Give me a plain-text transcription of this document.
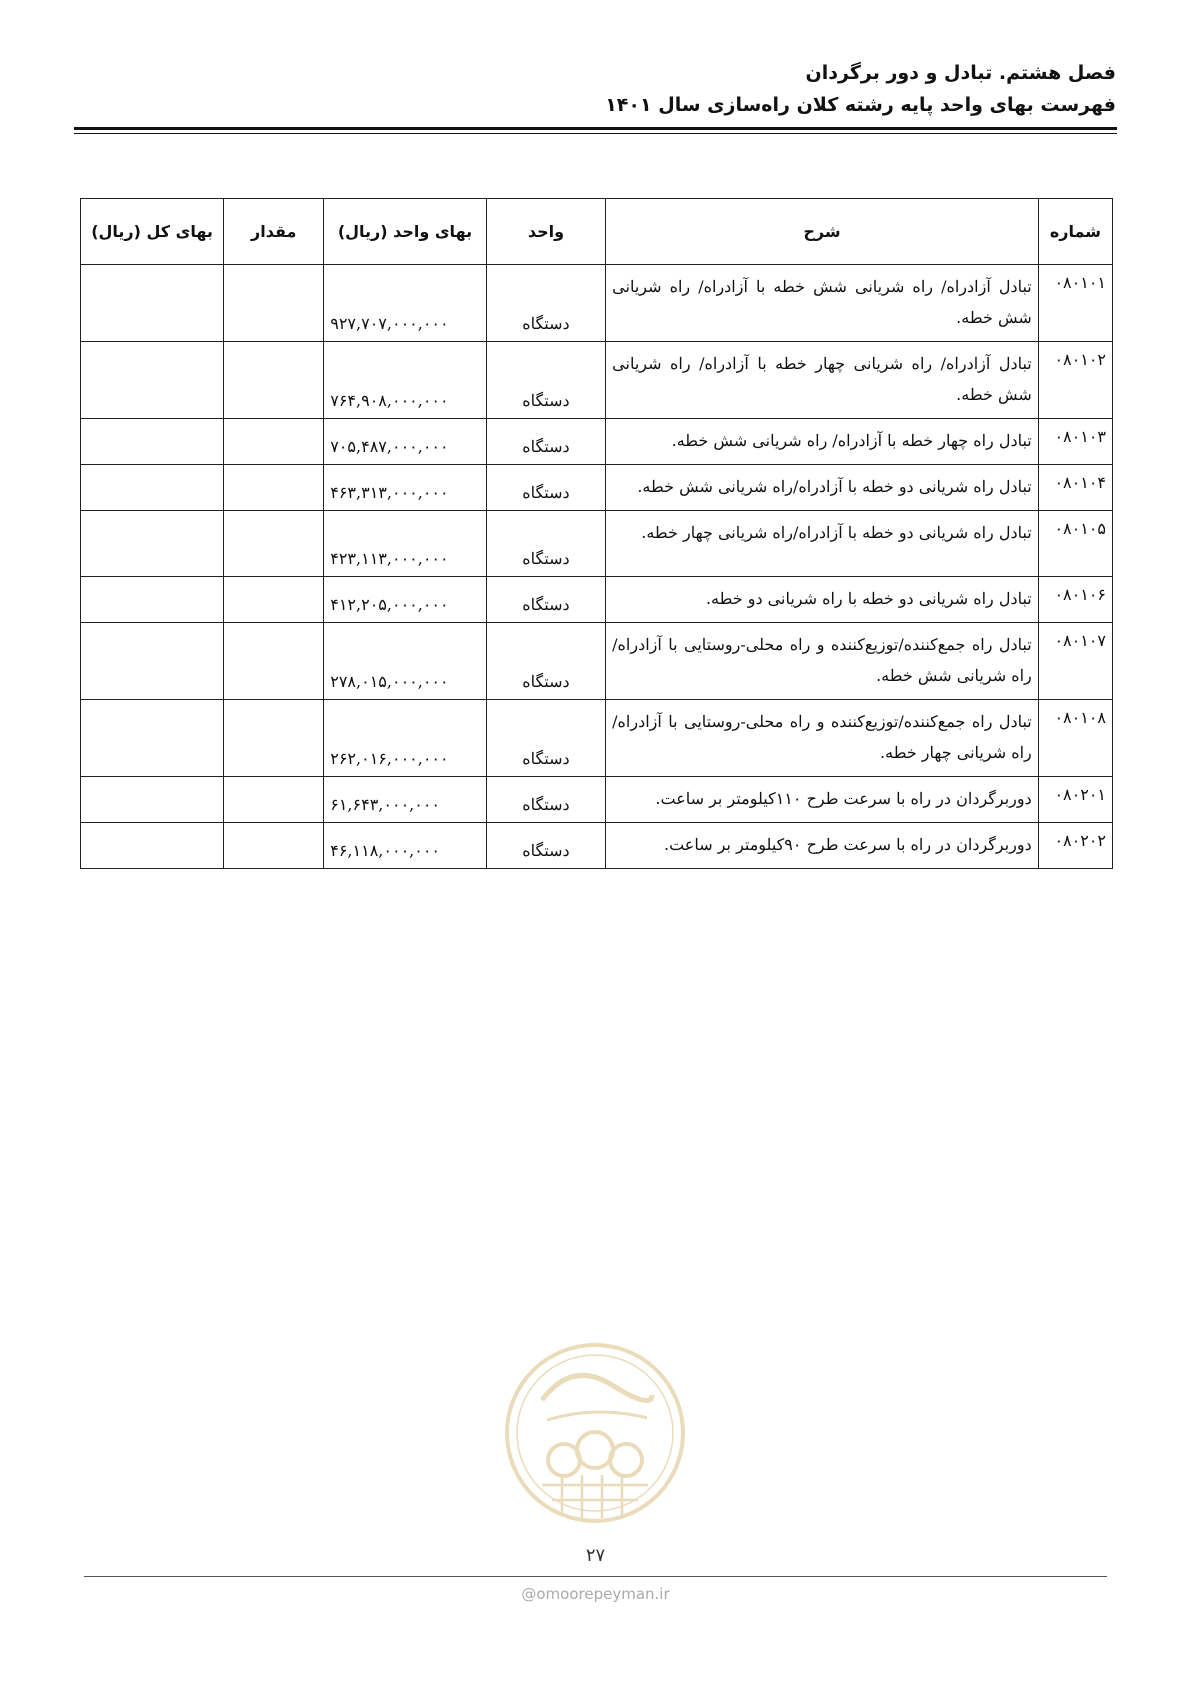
فصل هشتم. تبادل و دور برگردان
فهرست بهای واحد پایه رشته کلان راه‌سازی سال ۱۴۰۱
شماره	شرح	واحد	بهای واحد (ریال)	مقدار	بهای کل (ریال)
۰۸۰۱۰۱	تبادل آزادراه/ راه شریانی شش خطه با آزادراه/ راه شریانی شش خطه.	دستگاه	۹۲۷,۷۰۷,۰۰۰,۰۰۰		
۰۸۰۱۰۲	تبادل آزادراه/ راه شریانی چهار خطه با آزادراه/ راه شریانی شش خطه.	دستگاه	۷۶۴,۹۰۸,۰۰۰,۰۰۰		
۰۸۰۱۰۳	تبادل راه چهار خطه با آزادراه/ راه شریانی شش خطه.	دستگاه	۷۰۵,۴۸۷,۰۰۰,۰۰۰		
۰۸۰۱۰۴	تبادل راه شریانی دو خطه با آزادراه/راه شریانی شش خطه.	دستگاه	۴۶۳,۳۱۳,۰۰۰,۰۰۰		
۰۸۰۱۰۵	تبادل راه شریانی دو خطه با آزادراه/راه شریانی چهار خطه.	دستگاه	۴۲۳,۱۱۳,۰۰۰,۰۰۰		
۰۸۰۱۰۶	تبادل راه شریانی دو خطه با راه شریانی دو خطه.	دستگاه	۴۱۲,۲۰۵,۰۰۰,۰۰۰		
۰۸۰۱۰۷	تبادل راه جمع‌کننده/توزیع‌کننده و راه محلی-روستایی با آزادراه/ راه شریانی شش خطه.	دستگاه	۲۷۸,۰۱۵,۰۰۰,۰۰۰		
۰۸۰۱۰۸	تبادل راه جمع‌کننده/توزیع‌کننده و راه محلی-روستایی با آزادراه/ راه شریانی چهار خطه.	دستگاه	۲۶۲,۰۱۶,۰۰۰,۰۰۰		
۰۸۰۲۰۱	دوربرگردان در راه با سرعت طرح ۱۱۰کیلومتر بر ساعت.	دستگاه	۶۱,۶۴۳,۰۰۰,۰۰۰		
۰۸۰۲۰۲	دوربرگردان در راه با سرعت طرح ۹۰کیلومتر بر ساعت.	دستگاه	۴۶,۱۱۸,۰۰۰,۰۰۰		
۲۷
@omoorepeyman.ir
